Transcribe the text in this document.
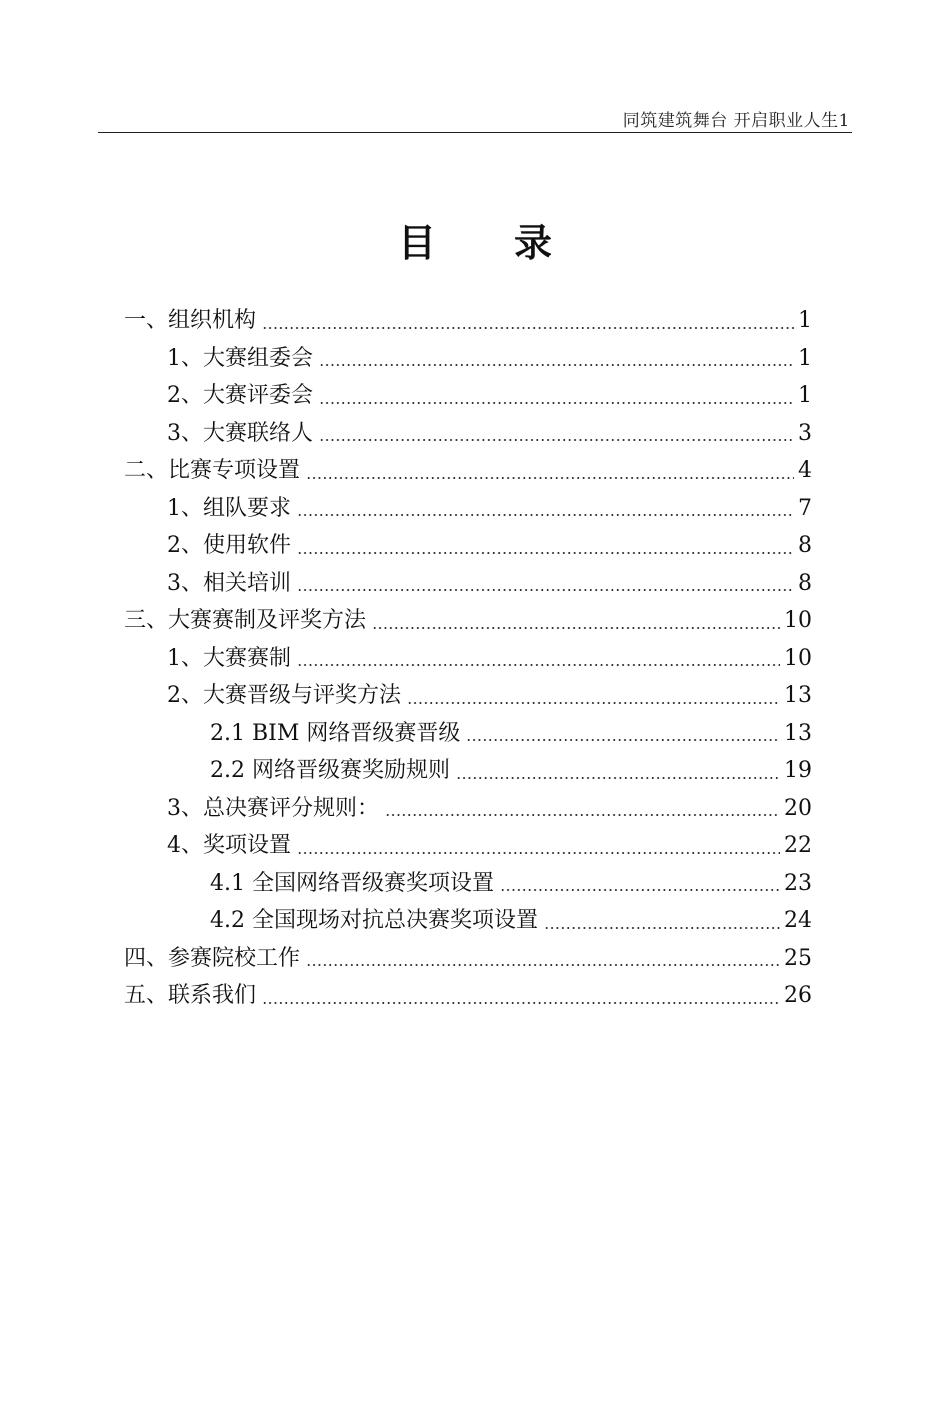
同筑建筑舞台 开启职业人生1
目 录
一、组织机构	1
1、大赛组委会	1
2、大赛评委会	1
3、大赛联络人	3
二、比赛专项设置	4
1、组队要求	7
2、使用软件	8
3、相关培训	8
三、大赛赛制及评奖方法	10
1、大赛赛制	10
2、大赛晋级与评奖方法	13
2.1 BIM 网络晋级赛晋级	13
2.2 网络晋级赛奖励规则	19
3、总决赛评分规则：	20
4、奖项设置	22
4.1 全国网络晋级赛奖项设置	23
4.2 全国现场对抗总决赛奖项设置	24
四、参赛院校工作	25
五、联系我们	26
